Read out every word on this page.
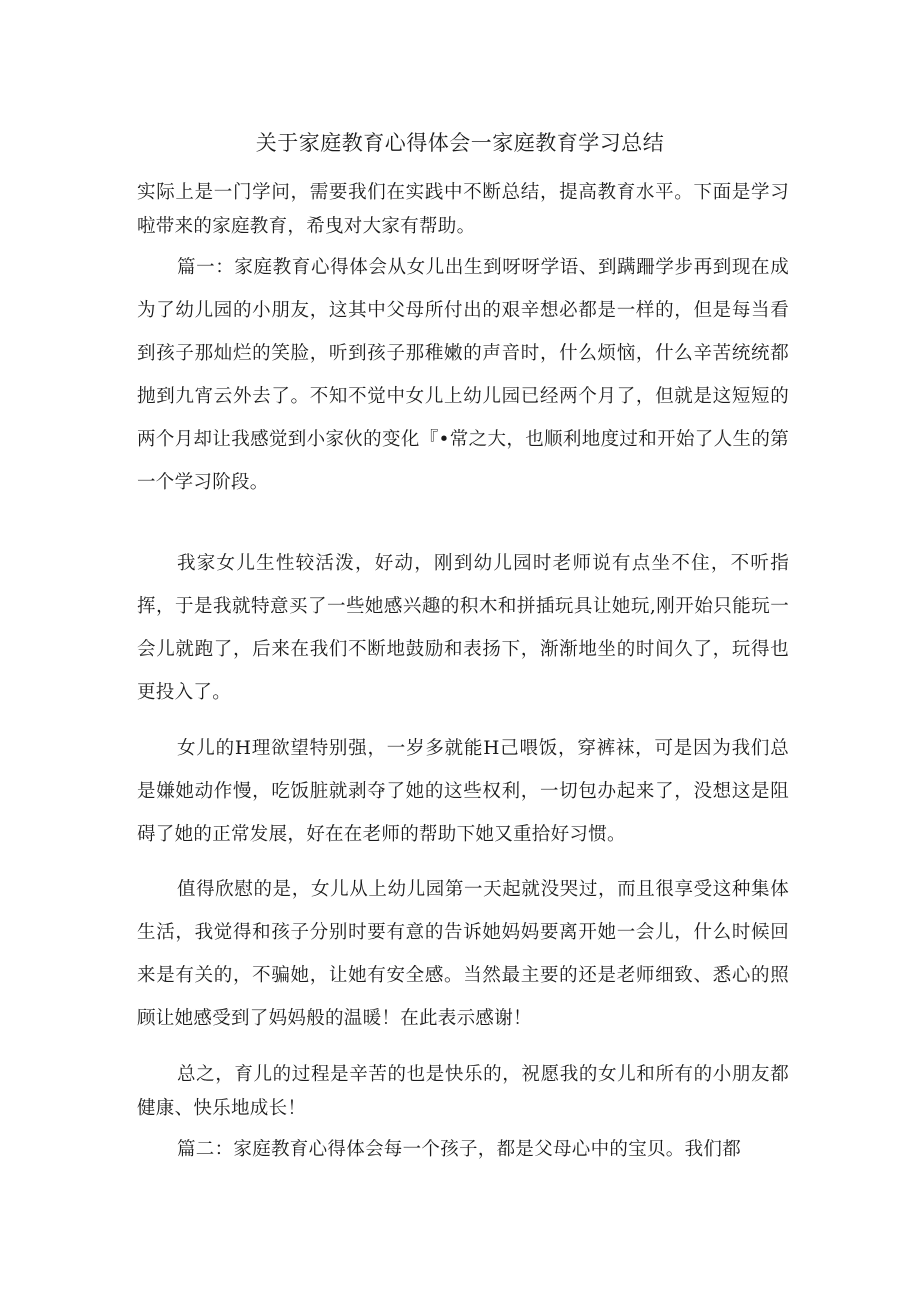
关于家庭教育心得体会一家庭教育学习总结

实际上是一门学问，需要我们在实践中不断总结，提高教育水平。下面是学习啦带来的家庭教育，希曳对大家有帮助。

篇一：家庭教育心得体会从女儿出生到呀呀学语、到蹒跚学步再到现在成为了幼儿园的小朋友，这其中父母所付出的艰辛想必都是一样的，但是每当看到孩子那灿烂的笑脸，听到孩子那稚嫩的声音时，什么烦恼，什么辛苦统统都抛到九宵云外去了。不知不觉中女儿上幼儿园已经两个月了，但就是这短短的两个月却让我感觉到小家伙的变化『•常之大，也顺利地度过和开始了人生的第一个学习阶段。

我家女儿生性较活泼，好动，刚到幼儿园时老师说有点坐不住，不听指挥，于是我就特意买了一些她感兴趣的积木和拼插玩具让她玩,刚开始只能玩一会儿就跑了，后来在我们不断地鼓励和表扬下，渐渐地坐的时间久了，玩得也更投入了。

女儿的H理欲望特别强，一岁多就能H己喂饭，穿裤袜，可是因为我们总是嫌她动作慢，吃饭脏就剥夺了她的这些权利，一切包办起来了，没想这是阻碍了她的正常发展，好在在老师的帮助下她又重拾好习惯。

值得欣慰的是，女儿从上幼儿园第一天起就没哭过，而且很享受这种集体生活，我觉得和孩子分别时要有意的告诉她妈妈要离开她一会儿，什么时候回来是有关的，不骗她，让她有安全感。当然最主要的还是老师细致、悉心的照顾让她感受到了妈妈般的温暖！在此表示感谢！

总之，育儿的过程是辛苦的也是快乐的，祝愿我的女儿和所有的小朋友都健康、快乐地成长！

篇二：家庭教育心得体会每一个孩子，都是父母心中的宝贝。我们都
